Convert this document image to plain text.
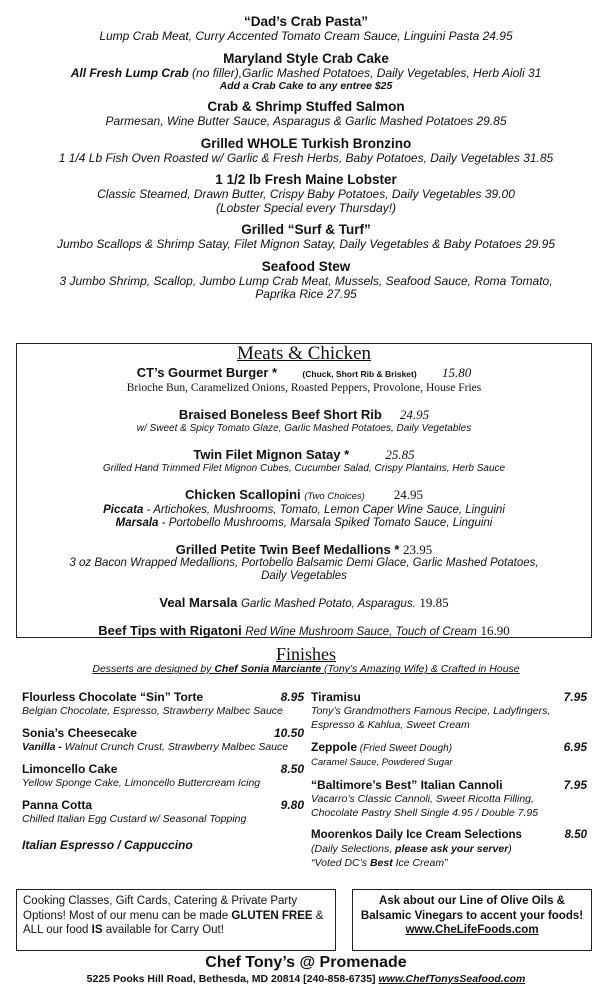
“Dad’s Crab Pasta”
Lump Crab Meat, Curry Accented Tomato Cream Sauce, Linguini Pasta 24.95
Maryland Style Crab Cake
All Fresh Lump Crab (no filler),Garlic Mashed Potatoes, Daily Vegetables, Herb Aioli 31
Add a Crab Cake to any entree $25
Crab & Shrimp Stuffed Salmon
Parmesan, Wine Butter Sauce, Asparagus & Garlic Mashed Potatoes 29.85
Grilled WHOLE Turkish Bronzino
1 1/4 Lb Fish Oven Roasted w/ Garlic & Fresh Herbs, Baby Potatoes, Daily Vegetables 31.85
1 1/2 lb Fresh Maine Lobster
Classic Steamed, Drawn Butter, Crispy Baby Potatoes, Daily Vegetables 39.00
(Lobster Special every Thursday!)
Grilled “Surf & Turf”
Jumbo Scallops & Shrimp Satay, Filet Mignon Satay, Daily Vegetables & Baby Potatoes 29.95
Seafood Stew
3 Jumbo Shrimp, Scallop, Jumbo Lump Crab Meat, Mussels, Seafood Sauce, Roma Tomato,
Paprika Rice 27.95
Meats & Chicken
CT’s Gourmet Burger *	(Chuck, Short Rib & Brisket) 15.80
Brioche Bun, Caramelized Onions, Roasted Peppers, Provolone, House Fries
Braised Boneless Beef Short Rib 24.95
w/ Sweet & Spicy Tomato Glaze, Garlic Mashed Potatoes, Daily Vegetables
Twin Filet Mignon Satay *	25.85
Grilled Hand Trimmed Filet Mignon Cubes, Cucumber Salad, Crispy Plantains, Herb Sauce
Chicken Scallopini (Two Choices) 24.95
Piccata - Artichokes, Mushrooms, Tomato, Lemon Caper Wine Sauce, Linguini
Marsala - Portobello Mushrooms, Marsala Spiked Tomato Sauce, Linguini
Grilled Petite Twin Beef Medallions * 23.95
3 oz Bacon Wrapped Medallions, Portobello Balsamic Demi Glace, Garlic Mashed Potatoes,
Daily Vegetables
Veal Marsala Garlic Mashed Potato, Asparagus. 19.85
Beef Tips with Rigatoni Red Wine Mushroom Sauce, Touch of Cream 16.90
Finishes
Desserts are designed by Chef Sonia Marciante (Tony’s Amazing Wife) & Crafted in House
Flourless Chocolate “Sin” Torte	8.95
Belgian Chocolate, Espresso, Strawberry Malbec Sauce
Sonia’s Cheesecake	10.50
Vanilla - Walnut Crunch Crust, Strawberry Malbec Sauce
Limoncello Cake	8.50
Yellow Sponge Cake, Limoncello Buttercream Icing
Panna Cotta	9.80
Chilled Italian Egg Custard w/ Seasonal Topping
Italian Espresso / Cappuccino
Tiramisu	7.95
Tony’s Grandmothers Famous Recipe, Ladyfingers,
Espresso & Kahlua, Sweet Cream
Zeppole (Fried Sweet Dough)	6.95
Caramel Sauce, Powdered Sugar
“Baltimore’s Best” Italian Cannoli	7.95
Vacarro’s Classic Cannoli, Sweet Ricotta Filling,
Chocolate Pastry Shell Single 4.95 / Double 7.95
Moorenkos Daily Ice Cream Selections	8.50
(Daily Selections, please ask your server)
“Voted DC’s Best Ice Cream”
Cooking Classes, Gift Cards, Catering & Private Party
Options! Most of our menu can be made GLUTEN FREE &
ALL our food IS available for Carry Out!
Ask about our Line of Olive Oils &
Balsamic Vinegars to accent your foods!
www.CheLifeFoods.com
Chef Tony’s @ Promenade
5225 Pooks Hill Road, Bethesda, MD 20814 [240-858-6735] www.ChefTonysSeafood.com
